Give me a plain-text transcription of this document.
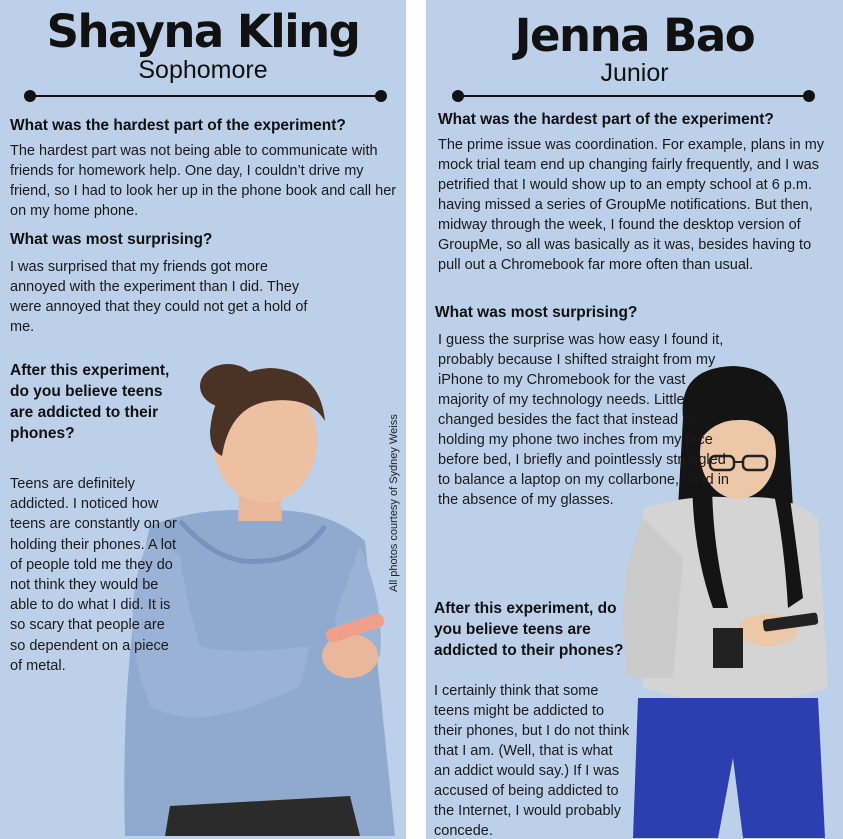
Shayna Kling
Sophomore
What was the hardest part of the experiment?
The hardest part was not being able to communicate with friends for homework help. One day, I couldn’t drive my friend, so I had to look her up in the phone book and call her on my home phone.
What was most surprising?
I was surprised that my friends got more annoyed with the experiment than I did. They were annoyed that they could not get a hold of me.
After this experiment, do you believe teens are addicted to their phones?
Teens are definitely addicted. I noticed how teens are constantly on or holding their phones. A lot of people told me they do not think they would be able to do what I did. It is so scary that people are so dependent on a piece of metal.
All photos courtesy of Sydney Weiss
Jenna Bao
Junior
What was the hardest part of the experiment?
The prime issue was coordination. For example, plans in my mock trial team end up changing fairly frequently, and I was petrified that I would show up to an empty school at 6 p.m. having missed a series of GroupMe notifications. But then, midway through the week, I found the desktop version of GroupMe, so all was basically as it was, besides having to pull out a Chromebook far more often than usual.
What was most surprising?
I guess the surprise was how easy I found it, probably because I shifted straight from my iPhone to my Chromebook for the vast majority of my technology needs. Little changed besides the fact that instead of holding my phone two inches from my face before bed, I briefly and pointlessly struggled to balance a laptop on my collarbone, blind in the absence of my glasses.
After this experiment, do you believe teens are addicted to their phones?
I certainly think that some teens might be addicted to their phones, but I do not think that I am. (Well, that is what an addict would say.) If I was accused of being addicted to the Internet, I would probably concede.
